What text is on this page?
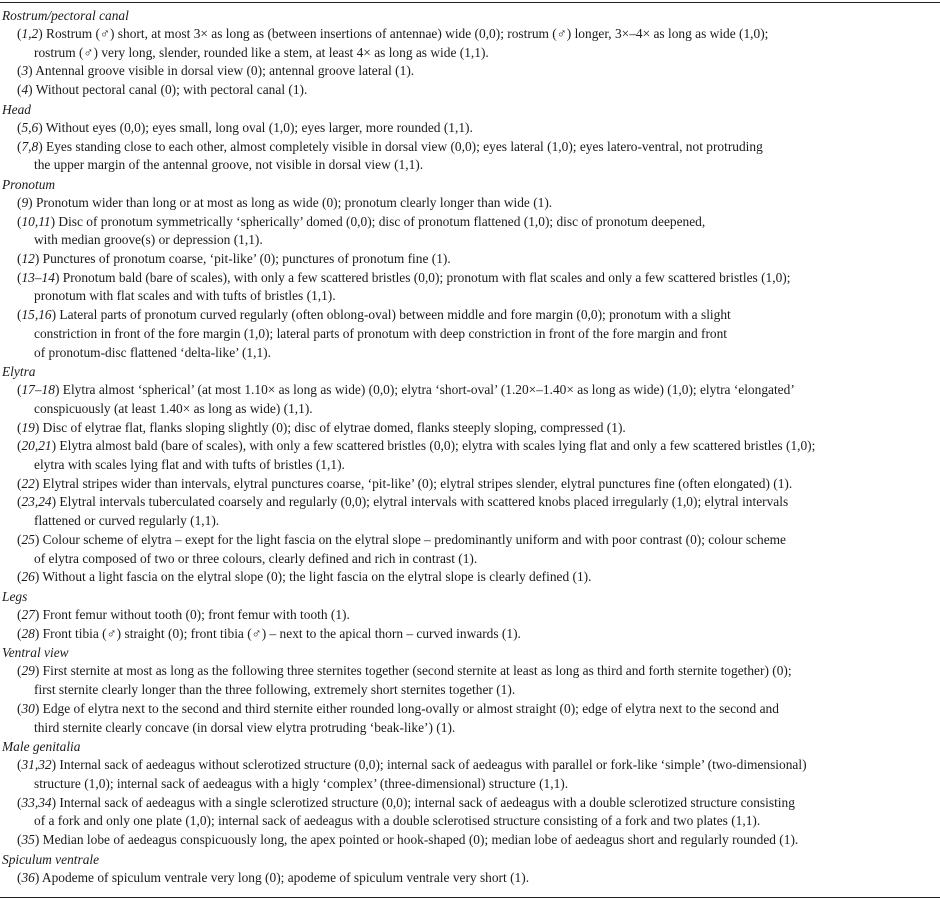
Rostrum/pectoral canal
(1,2) Rostrum (♂) short, at most 3× as long as (between insertions of antennae) wide (0,0); rostrum (♂) longer, 3×–4× as long as wide (1,0);
rostrum (♂) very long, slender, rounded like a stem, at least 4× as long as wide (1,1).
(3) Antennal groove visible in dorsal view (0); antennal groove lateral (1).
(4) Without pectoral canal (0); with pectoral canal (1).
Head
(5,6) Without eyes (0,0); eyes small, long oval (1,0); eyes larger, more rounded (1,1).
(7,8) Eyes standing close to each other, almost completely visible in dorsal view (0,0); eyes lateral (1,0); eyes latero-ventral, not protruding
the upper margin of the antennal groove, not visible in dorsal view (1,1).
Pronotum
(9) Pronotum wider than long or at most as long as wide (0); pronotum clearly longer than wide (1).
(10,11) Disc of pronotum symmetrically ‘spherically’ domed (0,0); disc of pronotum flattened (1,0); disc of pronotum deepened,
with median groove(s) or depression (1,1).
(12) Punctures of pronotum coarse, ‘pit-like’ (0); punctures of pronotum fine (1).
(13–14) Pronotum bald (bare of scales), with only a few scattered bristles (0,0); pronotum with flat scales and only a few scattered bristles (1,0);
pronotum with flat scales and with tufts of bristles (1,1).
(15,16) Lateral parts of pronotum curved regularly (often oblong-oval) between middle and fore margin (0,0); pronotum with a slight
constriction in front of the fore margin (1,0); lateral parts of pronotum with deep constriction in front of the fore margin and front
of pronotum-disc flattened ‘delta-like’ (1,1).
Elytra
(17–18) Elytra almost ‘spherical’ (at most 1.10× as long as wide) (0,0); elytra ‘short-oval’ (1.20×–1.40× as long as wide) (1,0); elytra ‘elongated’
conspicuously (at least 1.40× as long as wide) (1,1).
(19) Disc of elytrae flat, flanks sloping slightly (0); disc of elytrae domed, flanks steeply sloping, compressed (1).
(20,21) Elytra almost bald (bare of scales), with only a few scattered bristles (0,0); elytra with scales lying flat and only a few scattered bristles (1,0);
elytra with scales lying flat and with tufts of bristles (1,1).
(22) Elytral stripes wider than intervals, elytral punctures coarse, ‘pit-like’ (0); elytral stripes slender, elytral punctures fine (often elongated) (1).
(23,24) Elytral intervals tuberculated coarsely and regularly (0,0); elytral intervals with scattered knobs placed irregularly (1,0); elytral intervals
flattened or curved regularly (1,1).
(25) Colour scheme of elytra – exept for the light fascia on the elytral slope – predominantly uniform and with poor contrast (0); colour scheme
of elytra composed of two or three colours, clearly defined and rich in contrast (1).
(26) Without a light fascia on the elytral slope (0); the light fascia on the elytral slope is clearly defined (1).
Legs
(27) Front femur without tooth (0); front femur with tooth (1).
(28) Front tibia (♂) straight (0); front tibia (♂) – next to the apical thorn – curved inwards (1).
Ventral view
(29) First sternite at most as long as the following three sternites together (second sternite at least as long as third and forth sternite together) (0);
first sternite clearly longer than the three following, extremely short sternites together (1).
(30) Edge of elytra next to the second and third sternite either rounded long-ovally or almost straight (0); edge of elytra next to the second and
third sternite clearly concave (in dorsal view elytra protruding ‘beak-like’) (1).
Male genitalia
(31,32) Internal sack of aedeagus without sclerotized structure (0,0); internal sack of aedeagus with parallel or fork-like ‘simple’ (two-dimensional)
structure (1,0); internal sack of aedeagus with a higly ‘complex’ (three-dimensional) structure (1,1).
(33,34) Internal sack of aedeagus with a single sclerotized structure (0,0); internal sack of aedeagus with a double sclerotized structure consisting
of a fork and only one plate (1,0); internal sack of aedeagus with a double sclerotised structure consisting of a fork and two plates (1,1).
(35) Median lobe of aedeagus conspicuously long, the apex pointed or hook-shaped (0); median lobe of aedeagus short and regularly rounded (1).
Spiculum ventrale
(36) Apodeme of spiculum ventrale very long (0); apodeme of spiculum ventrale very short (1).
